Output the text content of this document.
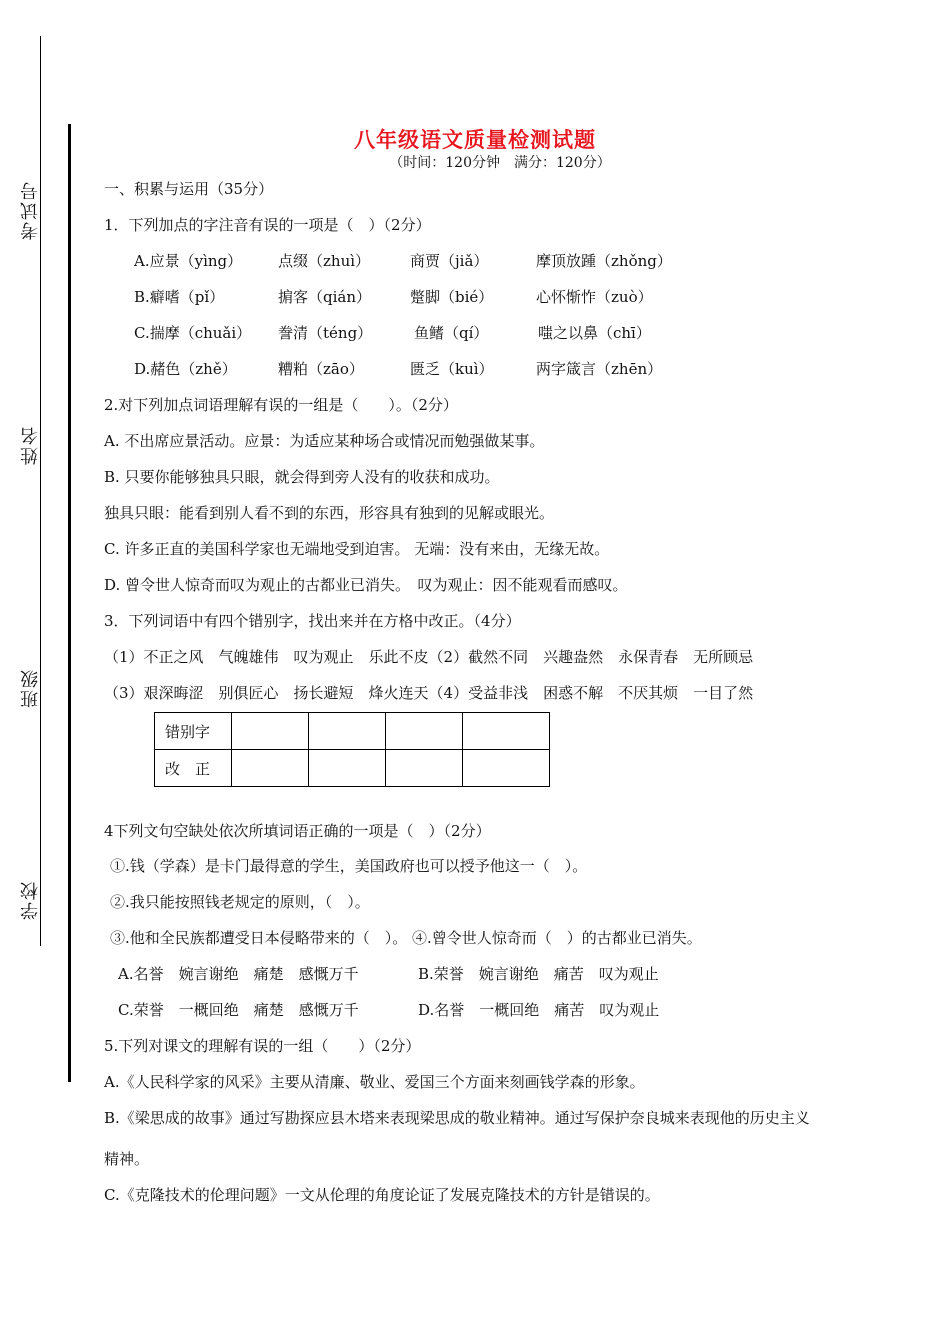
考试号
姓名
班级
学校
八年级语文质量检测试题
（时间：120分钟　满分：120分）
一、积累与运用（35分）
1．下列加点的字注音有误的一项是（　）（2分）
A.应景（yìng） 点缀（zhuì）	商贾（jiǎ）	摩顶放踵（zhǒng）
B.癖嗜（pǐ）	掮客（qián）	蹩脚（bié）	心怀惭怍（zuò）
C.揣摩（chuǎi） 誊清（téng）	鱼鳍（qí）	嗤之以鼻（chī）
D.赭色（zhě）	糟粕（zāo）	匮乏（kuì）	两字箴言（zhēn）
2.对下列加点词语理解有误的一组是（　　）。（2分）
A. 不出席应景活动。应景：为适应某种场合或情况而勉强做某事。
B. 只要你能够独具只眼，就会得到旁人没有的收获和成功。
独具只眼：能看到别人看不到的东西，形容具有独到的见解或眼光。
C. 许多正直的美国科学家也无端地受到迫害。 无端：没有来由，无缘无故。
D. 曾令世人惊奇而叹为观止的古都业已消失。　叹为观止：因不能观看而感叹。
3．下列词语中有四个错别字，找出来并在方格中改正。（4分）
（1）不正之风　气魄雄伟　叹为观止　乐此不皮（2）截然不同　兴趣盎然　永保青春　无所顾忌
（3）艰深晦涩　别俱匠心　扬长避短　烽火连天（4）受益非浅　困惑不解　不厌其烦　一目了然
错别字				
改　正				
4下列文句空缺处依次所填词语正确的一项是（　）（2分）
①.钱（学森）是卡门最得意的学生，美国政府也可以授予他这一（　）。
②.我只能按照钱老规定的原则，（　）。
③.他和全民族都遭受日本侵略带来的（　）。 ④.曾令世人惊奇而（　）的古都业已消失。
A.名誉　婉言谢绝　痛楚　感慨万千	B.荣誉　婉言谢绝　痛苦　叹为观止
C.荣誉　一概回绝　痛楚　感慨万千	D.名誉　一概回绝　痛苦　叹为观止
5.下列对课文的理解有误的一组（　　）（2分）
A.《人民科学家的风采》主要从清廉、敬业、爱国三个方面来刻画钱学森的形象。
B.《梁思成的故事》通过写勘探应县木塔来表现梁思成的敬业精神。通过写保护奈良城来表现他的历史主义
精神。
C.《克隆技术的伦理问题》一文从伦理的角度论证了发展克隆技术的方针是错误的。
